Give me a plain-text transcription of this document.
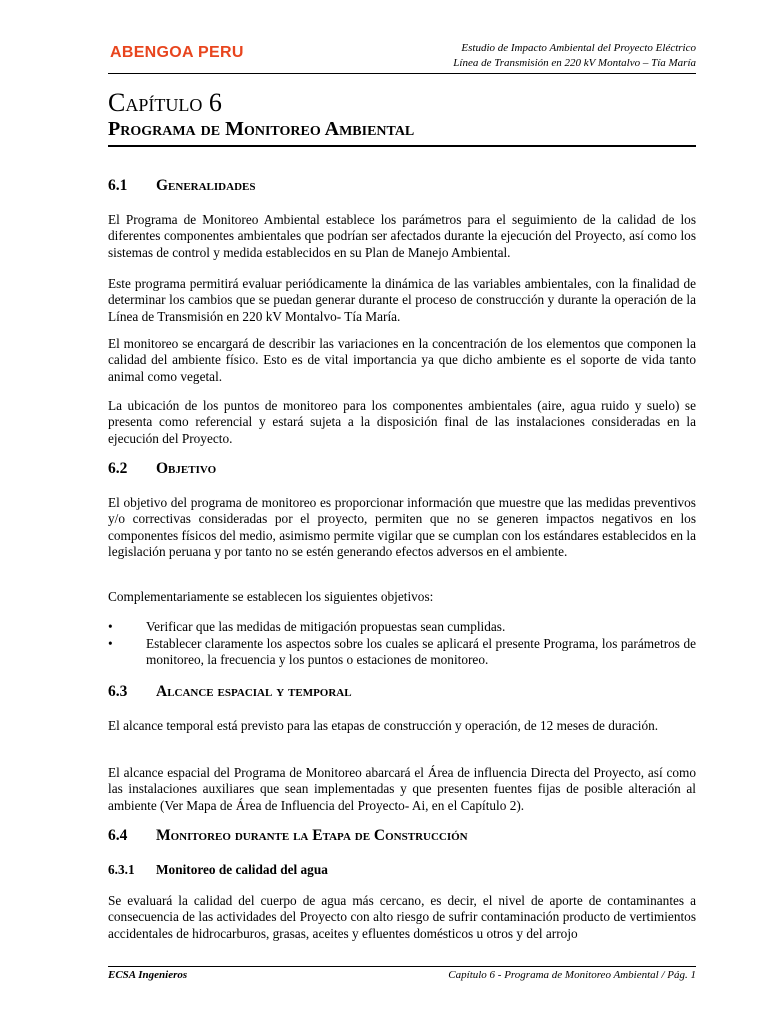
ABENGOA PERU	Estudio de Impacto Ambiental del Proyecto Eléctrico
Línea de Transmisión en 220 kV Montalvo – Tía María
Capítulo 6
Programa de Monitoreo Ambiental
6.1 Generalidades

El Programa de Monitoreo Ambiental establece los parámetros para el seguimiento de la calidad de los diferentes componentes ambientales que podrían ser afectados durante la ejecución del Proyecto, así como los sistemas de control y medida establecidos en su Plan de Manejo Ambiental.

Este programa permitirá evaluar periódicamente la dinámica de las variables ambientales, con la finalidad de determinar los cambios que se puedan generar durante el proceso de construcción y durante la operación de la Línea de Transmisión en 220 kV Montalvo- Tía María.

El monitoreo se encargará de describir las variaciones en la concentración de los elementos que componen la calidad del ambiente físico. Esto es de vital importancia ya que dicho ambiente es el soporte de vida tanto animal como vegetal.

La ubicación de los puntos de monitoreo para los componentes ambientales (aire, agua ruido y suelo) se presenta como referencial y estará sujeta a la disposición final de las instalaciones consideradas en la ejecución del Proyecto.

6.2 Objetivo

El objetivo del programa de monitoreo es proporcionar información que muestre que las medidas preventivos y/o correctivas consideradas por el proyecto, permiten que no se generen impactos negativos en los componentes físicos del medio, asimismo permite vigilar que se cumplan con los estándares establecidos en la legislación peruana y por tanto no se estén generando efectos adversos en el ambiente.

Complementariamente se establecen los siguientes objetivos:

•	Verificar que las medidas de mitigación propuestas sean cumplidas.
•	Establecer claramente los aspectos sobre los cuales se aplicará el presente Programa, los parámetros de monitoreo, la frecuencia y los puntos o estaciones de monitoreo.
6.3 Alcance espacial y temporal

El alcance temporal está previsto para las etapas de construcción y operación, de 12 meses de duración.

El alcance espacial del Programa de Monitoreo abarcará el Área de influencia Directa del Proyecto, así como las instalaciones auxiliares que sean implementadas y que presenten fuentes fijas de posible alteración al ambiente (Ver Mapa de Área de Influencia del Proyecto- Ai, en el Capítulo 2).

6.4 Monitoreo durante la Etapa de Construcción
6.3.1 Monitoreo de calidad del agua

Se evaluará la calidad del cuerpo de agua más cercano, es decir, el nivel de aporte de contaminantes a consecuencia de las actividades del Proyecto con alto riesgo de sufrir contaminación producto de vertimientos accidentales de hidrocarburos, grasas, aceites y efluentes domésticos u otros y del arrojo

ECSA Ingenieros	Capítulo 6 - Programa de Monitoreo Ambiental / Pág. 1
